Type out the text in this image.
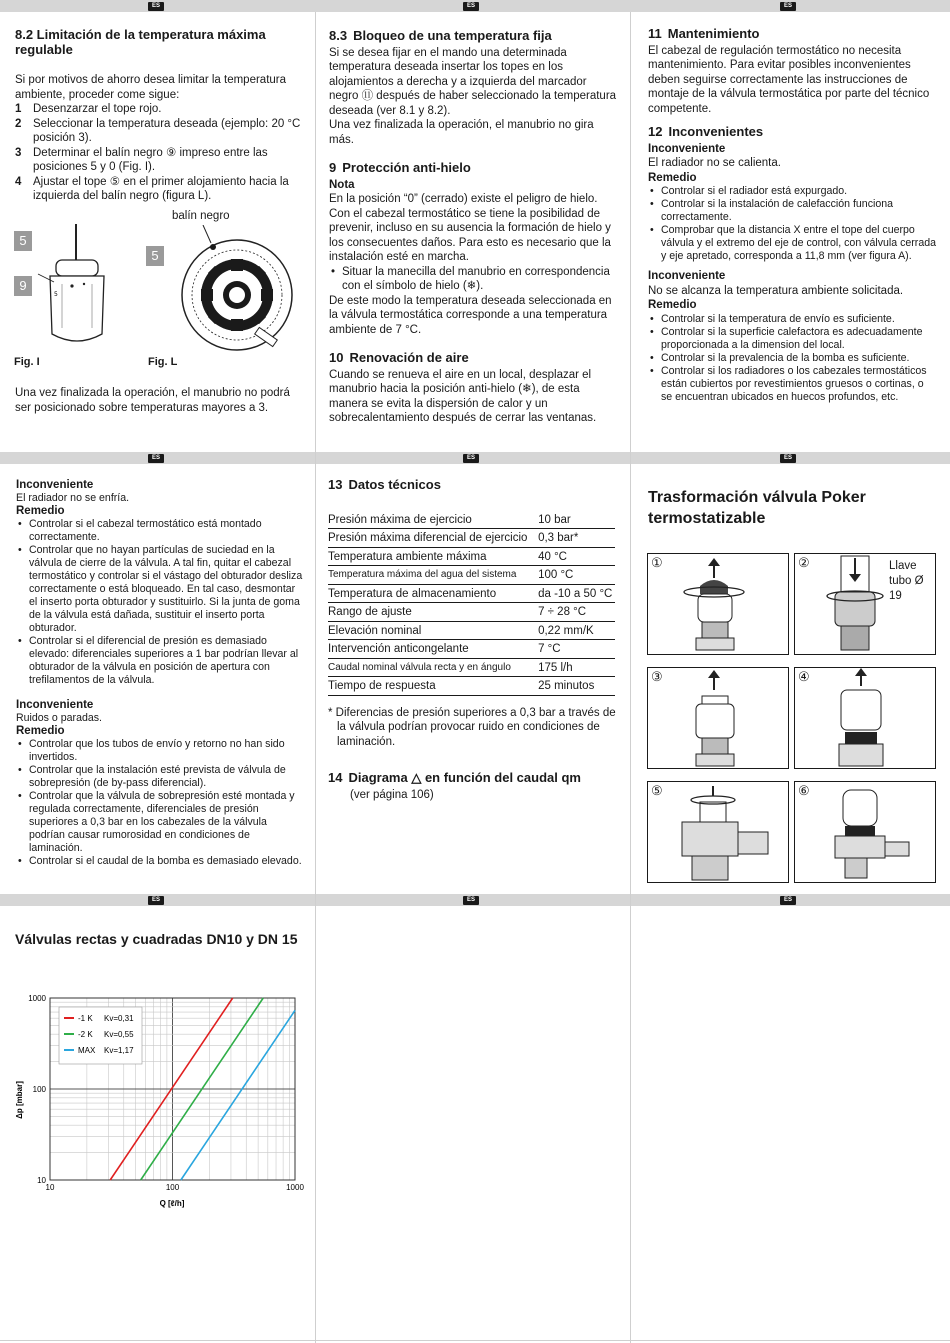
ES	ES	ES
ES	ES	ES
ES	ES	ES
8.2 Limitación de la temperatura máxima regulable

Si por motivos de ahorro desea limitar la temperatura ambiente, proceder come sigue:

1 Desenzarzar el tope rojo.
2 Seleccionar la temperatura deseada (ejemplo: 20 °C posición 3).
3 Determinar el balín negro ⑨ impreso entre las posiciones 5 y 0 (Fig. I).
4 Ajustar el tope ⑤ en el primer alojamiento hacia la izquierda del balín negro (figura L).
5
9
5
balín negro
5
Fig. I	Fig. L

Una vez finalizada la operación, el manubrio no podrá ser posicionado sobre temperaturas mayores a 3.

8.3 Bloqueo de una temperatura fija

Si se desea fijar en el mando una determinada temperatura deseada insertar los topes en los alojamientos a derecha y a izquierda del marcador negro ⑪ después de haber seleccionado la temperatura deseada (ver 8.1 y 8.2).

Una vez finalizada la operación, el manubrio no gira más.

9 Protección anti-hielo
Nota

En la posición “0” (cerrado) existe el peligro de hielo. Con el cabezal termostático se tiene la posibilidad de prevenir, incluso en su ausencia la formación de hielo y los consecuentes daños. Para esto es necesario que la instalación esté en marcha.

• Situar la manecilla del manubrio en correspondencia con el símbolo de hielo (❄).

De este modo la temperatura deseada seleccionada en la válvula termostática corresponde a una temperatura ambiente de 7 °C.

10 Renovación de aire

Cuando se renueva el aire en un local, desplazar el manubrio hacia la posición anti-hielo (❄), de esta manera se evita la dispersión de calor y un sobrecalentamiento después de cerrar las ventanas.

11 Mantenimiento

El cabezal de regulación termostático no necesita mantenimiento. Para evitar posibles inconvenientes deben seguirse correctamente las instrucciones de montaje de la válvula termostática por parte del técnico competente.

12 Inconvenientes
Inconveniente

El radiador no se calienta.

Remedio
• Controlar si el radiador está expurgado.
• Controlar si la instalación de calefacción funciona correctamente.
• Comprobar que la distancia X entre el tope del cuerpo válvula y el extremo del eje de control, con válvula cerrada y eje apretado, corresponda a 11,8 mm (ver figura A).
Inconveniente

No se alcanza la temperatura ambiente solicitada.

Remedio
• Controlar si la temperatura de envío es suficiente.
• Controlar si la superficie calefactora es adecuadamente proporcionada a la dimension del local.
• Controlar si la prevalencia de la bomba es suficiente.
• Controlar si los radiadores o los cabezales termostáticos están cubiertos por revestimientos gruesos o cortinas, o se encuentran ubicados en huecos profundos, etc.
Inconveniente

El radiador no se enfría.

Remedio
• Controlar si el cabezal termostático está montado correctamente.
• Controlar que no hayan partículas de suciedad en la válvula de cierre de la válvula. A tal fin, quitar el cabezal termostático y controlar si el vástago del obturador desliza correctamente o está bloqueado. En tal caso, desmontar el inserto porta obturador y sustituirlo. Si la junta de goma de la válvula está dañada, sustituir el inserto porta obturador.
• Controlar si el diferencial de presión es demasiado elevado: diferenciales superiores a 1 bar podrían llevar al obturador de la válvula en posición de apertura con trefilamentos de la válvula.
Inconveniente

Ruidos o paradas.

Remedio
• Controlar que los tubos de envío y retorno no han sido invertidos.
• Controlar que la instalación esté prevista de válvula de sobrepresión (de by-pass diferencial).
• Controlar que la válvula de sobrepresión esté montada y regulada correctamente, diferenciales de presión superiores a 0,3 bar en los cabezales de la válvula podrían causar rumorosidad en condiciones de laminación.
• Controlar si el caudal de la bomba es demasiado elevado.
13 Datos técnicos
Presión máxima de ejercicio	10 bar
Presión máxima diferencial de ejercicio	0,3 bar*
Temperatura ambiente máxima	40 °C
Temperatura máxima del agua del sistema	100 °C
Temperatura de almacenamiento	da -10 a 50 °C
Rango de ajuste	7 ÷ 28 °C
Elevación nominal	0,22 mm/K
Intervención anticongelante	7 °C
Caudal nominal válvula recta y en ángulo	175 l/h
Tiempo de respuesta	25 minutos

* Diferencias de presión superiores a 0,3 bar a través de la válvula podrían provocar ruido en condiciones de laminación.

14 Diagrama △ en función del caudal qm

(ver página 106)

Trasformación válvula Poker termostatizable
①	②	Llave tubo Ø 19
③	④
⑤	⑥
Válvulas rectas y cuadradas DN10 y DN 15
10	100	1000
10
100
1000
-1 K Kv=0,31
-2 K Kv=0,55
MAX Kv=1,17
Δp [mbar]
Q [ℓ/h]
